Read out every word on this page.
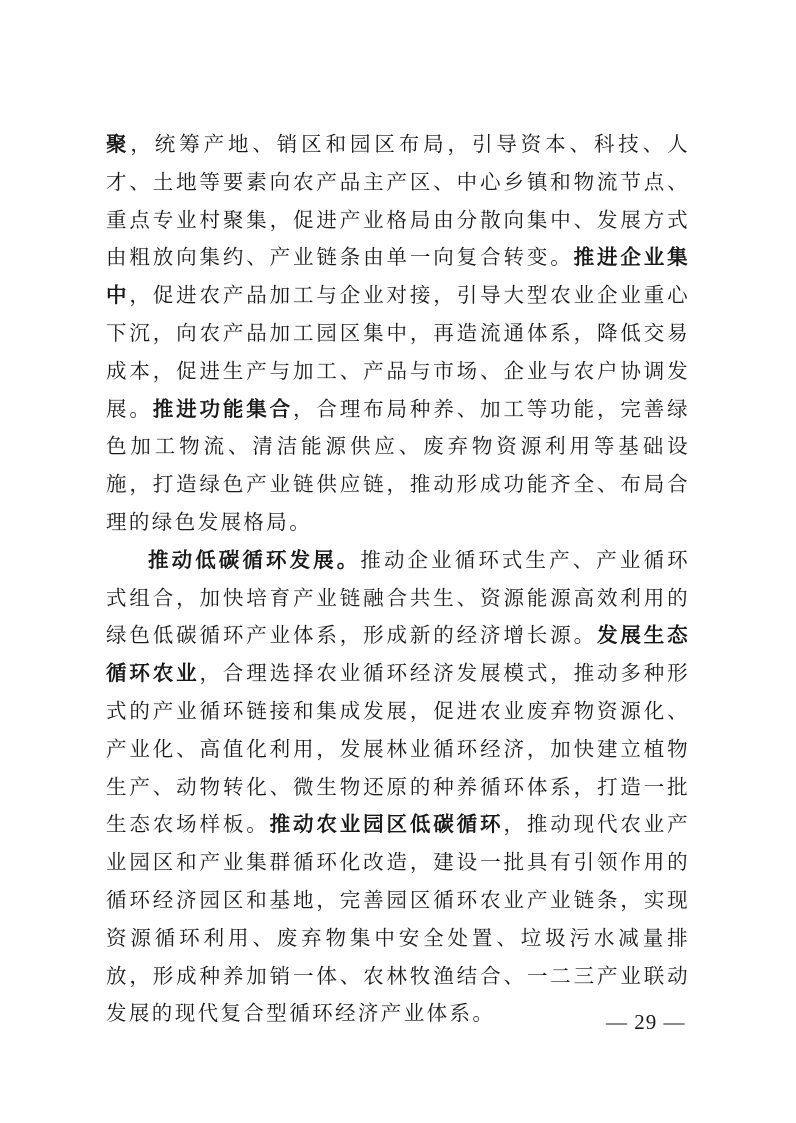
聚，统筹产地、销区和园区布局，引导资本、科技、人才、土地等要素向农产品主产区、中心乡镇和物流节点、重点专业村聚集，促进产业格局由分散向集中、发展方式由粗放向集约、产业链条由单一向复合转变。推进企业集中，促进农产品加工与企业对接，引导大型农业企业重心下沉，向农产品加工园区集中，再造流通体系，降低交易成本，促进生产与加工、产品与市场、企业与农户协调发展。推进功能集合，合理布局种养、加工等功能，完善绿色加工物流、清洁能源供应、废弃物资源利用等基础设施，打造绿色产业链供应链，推动形成功能齐全、布局合理的绿色发展格局。

推动低碳循环发展。推动企业循环式生产、产业循环式组合，加快培育产业链融合共生、资源能源高效利用的绿色低碳循环产业体系，形成新的经济增长源。发展生态循环农业，合理选择农业循环经济发展模式，推动多种形式的产业循环链接和集成发展，促进农业废弃物资源化、产业化、高值化利用，发展林业循环经济，加快建立植物生产、动物转化、微生物还原的种养循环体系，打造一批生态农场样板。推动农业园区低碳循环，推动现代农业产业园区和产业集群循环化改造，建设一批具有引领作用的循环经济园区和基地，完善园区循环农业产业链条，实现资源循环利用、废弃物集中安全处置、垃圾污水减量排放，形成种养加销一体、农林牧渔结合、一二三产业联动发展的现代复合型循环经济产业体系。	— 29 —
